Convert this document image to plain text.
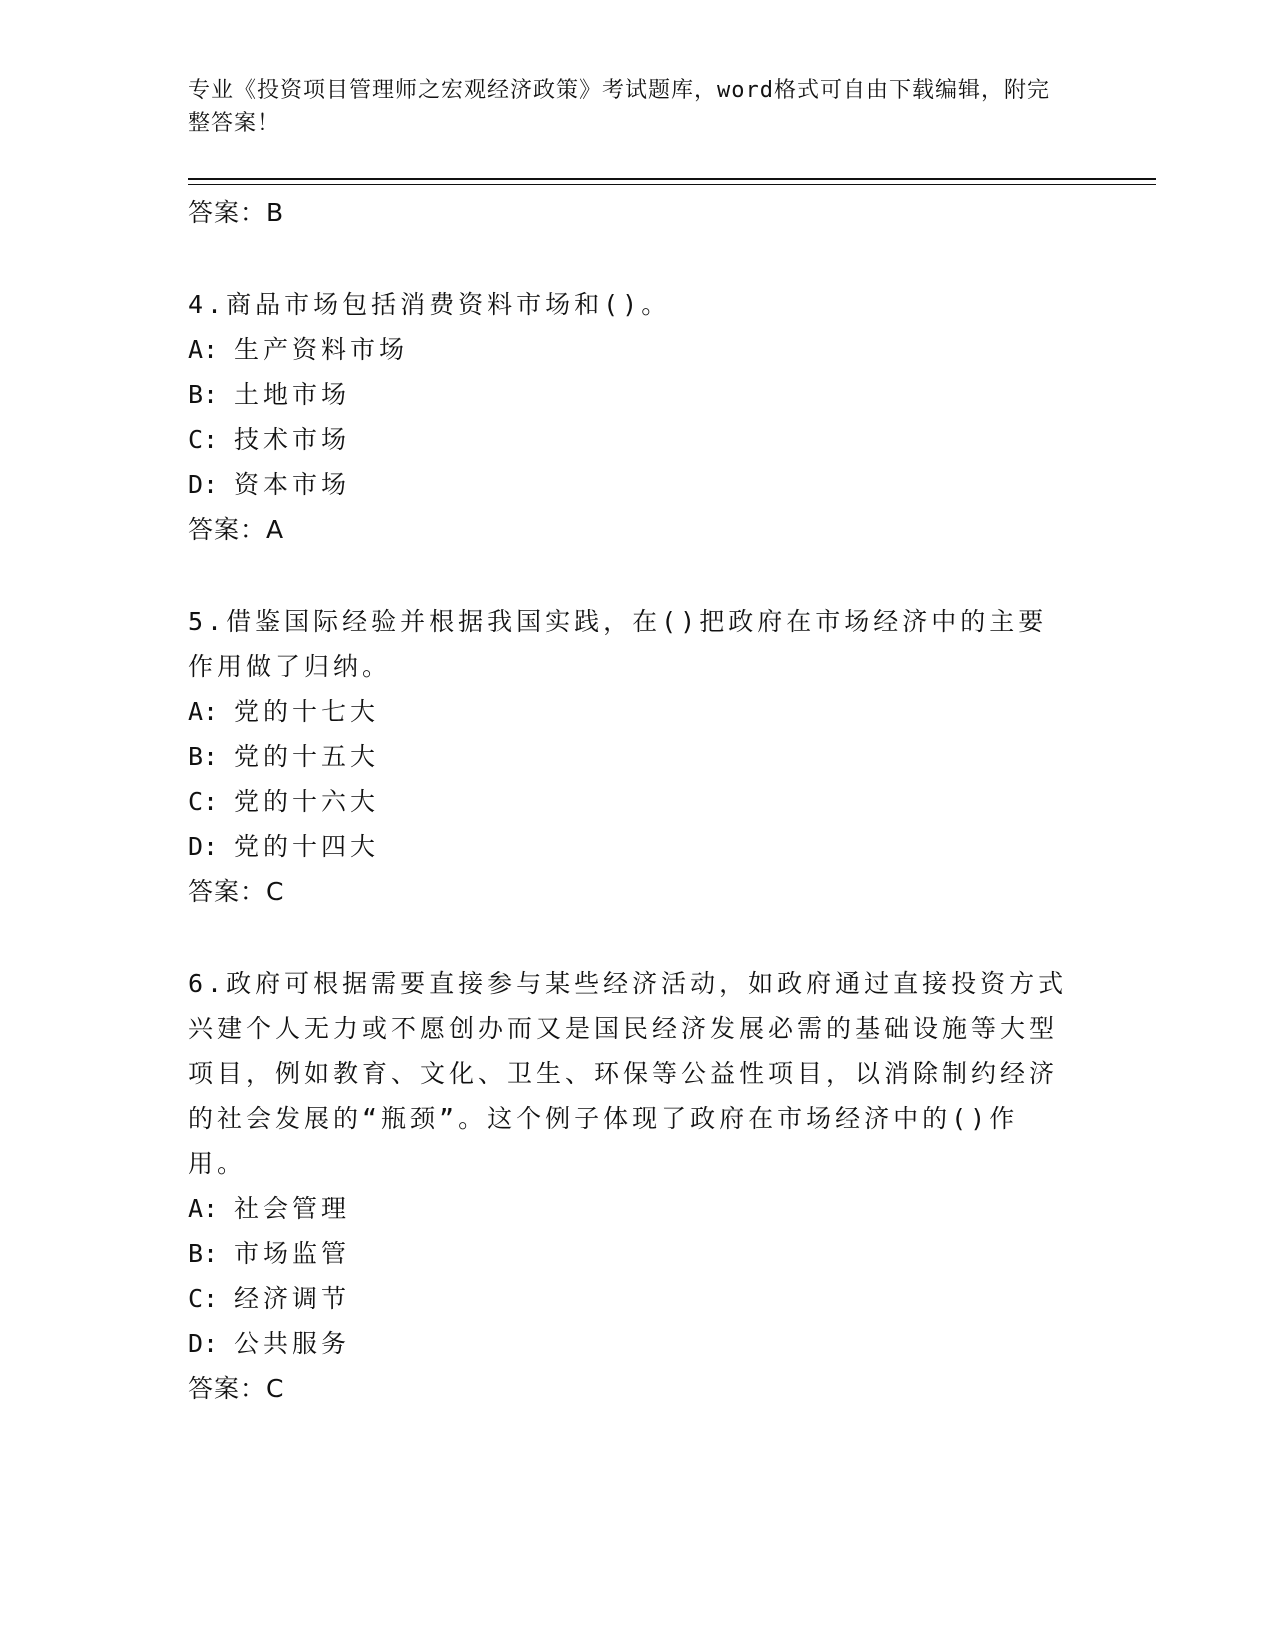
专业《投资项目管理师之宏观经济政策》考试题库，word格式可自由下载编辑，附完整答案！
答案：B
4.商品市场包括消费资料市场和()。
A: 生产资料市场
B: 土地市场
C: 技术市场
D: 资本市场
答案：A
5.借鉴国际经验并根据我国实践，在()把政府在市场经济中的主要作用做了归纳。
A: 党的十七大
B: 党的十五大
C: 党的十六大
D: 党的十四大
答案：C
6.政府可根据需要直接参与某些经济活动，如政府通过直接投资方式兴建个人无力或不愿创办而又是国民经济发展必需的基础设施等大型项目，例如教育、文化、卫生、环保等公益性项目，以消除制约经济的社会发展的“瓶颈”。这个例子体现了政府在市场经济中的()作用。
A: 社会管理
B: 市场监管
C: 经济调节
D: 公共服务
答案：C
